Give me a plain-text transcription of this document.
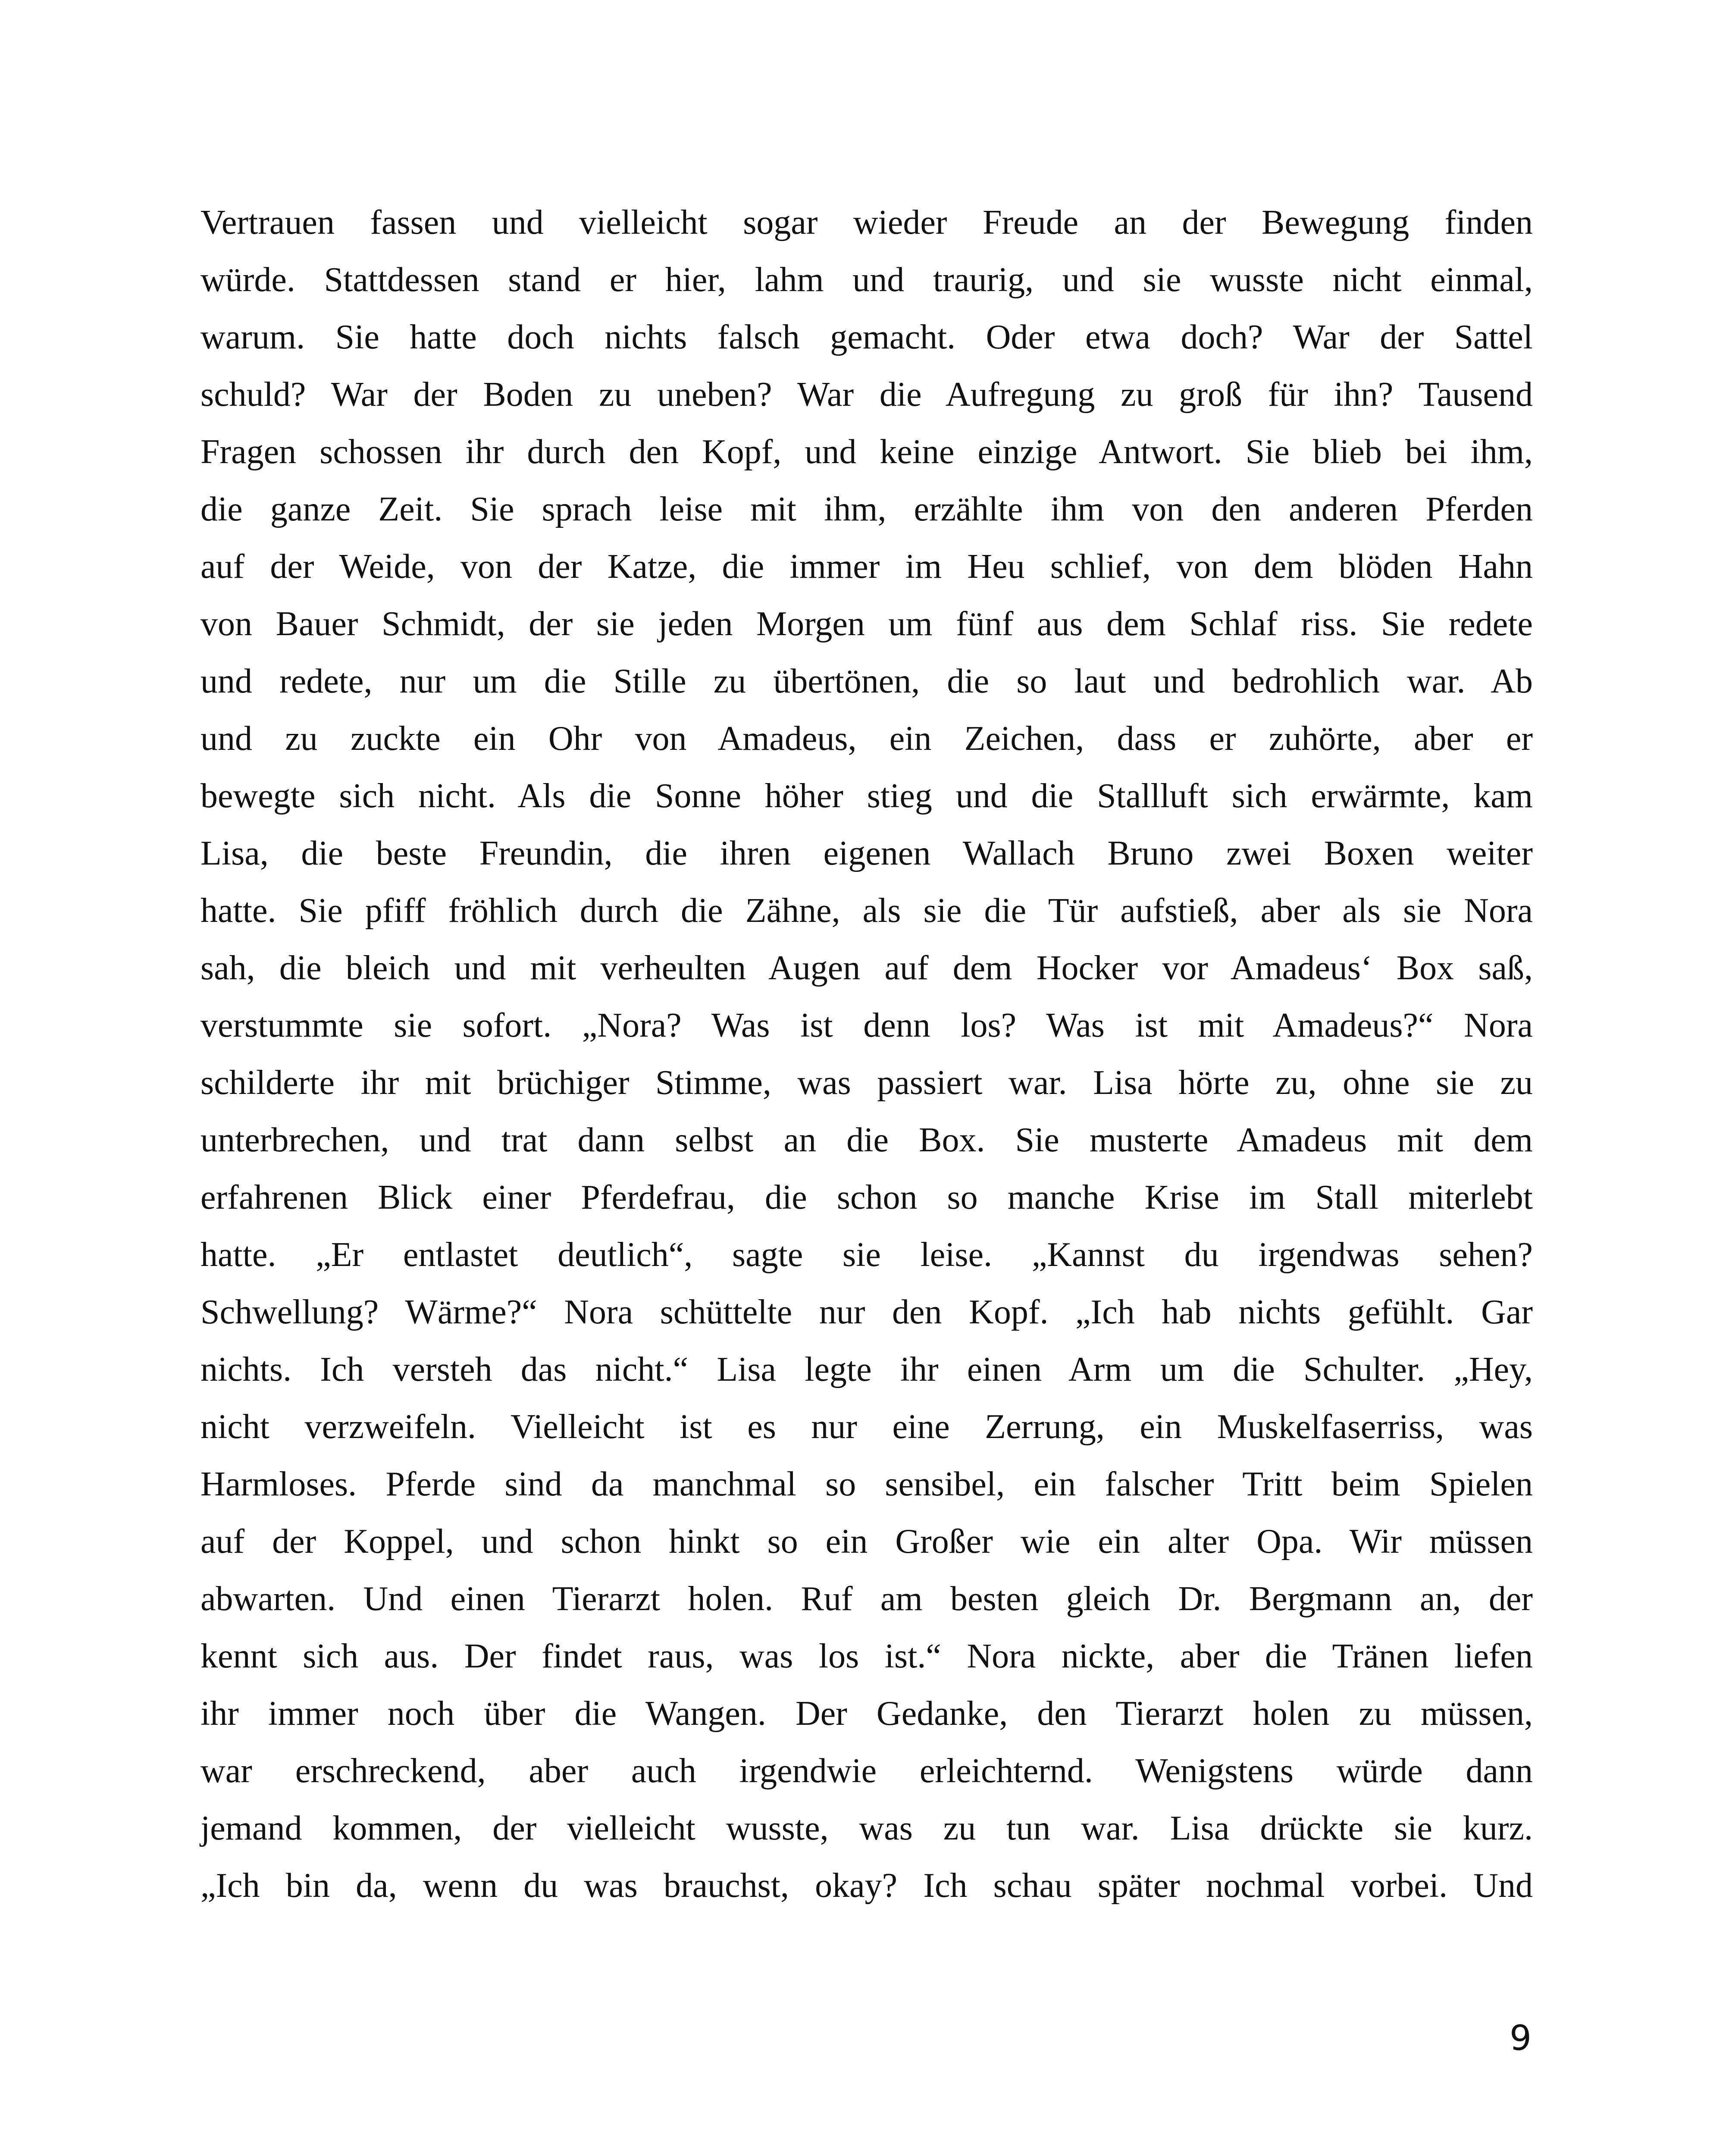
Vertrauen fassen und vielleicht sogar wieder Freude an der Bewegung finden
würde. Stattdessen stand er hier, lahm und traurig, und sie wusste nicht einmal,
warum. Sie hatte doch nichts falsch gemacht. Oder etwa doch? War der Sattel
schuld? War der Boden zu uneben? War die Aufregung zu groß für ihn? Tausend
Fragen schossen ihr durch den Kopf, und keine einzige Antwort. Sie blieb bei ihm,
die ganze Zeit. Sie sprach leise mit ihm, erzählte ihm von den anderen Pferden
auf der Weide, von der Katze, die immer im Heu schlief, von dem blöden Hahn
von Bauer Schmidt, der sie jeden Morgen um fünf aus dem Schlaf riss. Sie redete
und redete, nur um die Stille zu übertönen, die so laut und bedrohlich war. Ab
und zu zuckte ein Ohr von Amadeus, ein Zeichen, dass er zuhörte, aber er
bewegte sich nicht. Als die Sonne höher stieg und die Stallluft sich erwärmte, kam
Lisa, die beste Freundin, die ihren eigenen Wallach Bruno zwei Boxen weiter
hatte. Sie pfiff fröhlich durch die Zähne, als sie die Tür aufstieß, aber als sie Nora
sah, die bleich und mit verheulten Augen auf dem Hocker vor Amadeus‘ Box saß,
verstummte sie sofort. „Nora? Was ist denn los? Was ist mit Amadeus?“ Nora
schilderte ihr mit brüchiger Stimme, was passiert war. Lisa hörte zu, ohne sie zu
unterbrechen, und trat dann selbst an die Box. Sie musterte Amadeus mit dem
erfahrenen Blick einer Pferdefrau, die schon so manche Krise im Stall miterlebt
hatte. „Er entlastet deutlich“, sagte sie leise. „Kannst du irgendwas sehen?
Schwellung? Wärme?“ Nora schüttelte nur den Kopf. „Ich hab nichts gefühlt. Gar
nichts. Ich versteh das nicht.“ Lisa legte ihr einen Arm um die Schulter. „Hey,
nicht verzweifeln. Vielleicht ist es nur eine Zerrung, ein Muskelfaserriss, was
Harmloses. Pferde sind da manchmal so sensibel, ein falscher Tritt beim Spielen
auf der Koppel, und schon hinkt so ein Großer wie ein alter Opa. Wir müssen
abwarten. Und einen Tierarzt holen. Ruf am besten gleich Dr. Bergmann an, der
kennt sich aus. Der findet raus, was los ist.“ Nora nickte, aber die Tränen liefen
ihr immer noch über die Wangen. Der Gedanke, den Tierarzt holen zu müssen,
war erschreckend, aber auch irgendwie erleichternd. Wenigstens würde dann
jemand kommen, der vielleicht wusste, was zu tun war. Lisa drückte sie kurz.
„Ich bin da, wenn du was brauchst, okay? Ich schau später nochmal vorbei. Und
9
